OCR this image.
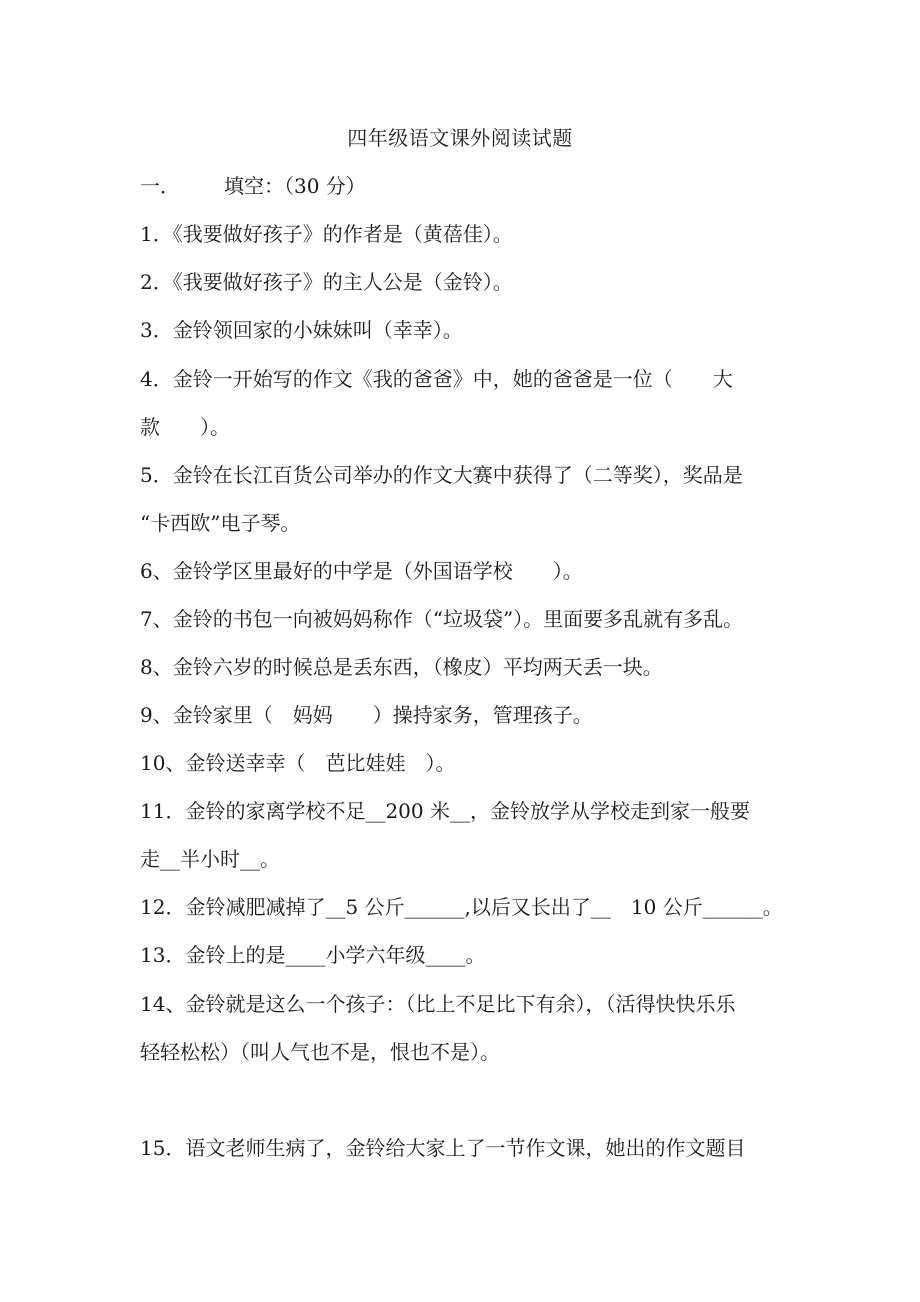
四年级语文课外阅读试题
一． 填空：（30 分）
1．《我要做好孩子》的作者是（黄蓓佳）。
2．《我要做好孩子》的主人公是（金铃）。
3．金铃领回家的小妹妹叫（幸幸）。
4．金铃一开始写的作文《我的爸爸》中，她的爸爸是一位（　　大
款　　）。
5．金铃在长江百货公司举办的作文大赛中获得了（二等奖），奖品是
“卡西欧”电子琴。
6、金铃学区里最好的中学是（外国语学校　　）。
7、金铃的书包一向被妈妈称作（“垃圾袋”）。里面要多乱就有多乱。
8、金铃六岁的时候总是丢东西，（橡皮）平均两天丢一块。
9、金铃家里（　妈妈　　）操持家务，管理孩子。
10、金铃送幸幸（　芭比娃娃　）。
11．金铃的家离学校不足__200 米__，金铃放学从学校走到家一般要
走__半小时__。
12．金铃减肥减掉了__5 公斤______,以后又长出了__　10 公斤______。
13．金铃上的是____小学六年级____。
14、金铃就是这么一个孩子：（比上不足比下有余），（活得快快乐乐
轻轻松松）（叫人气也不是，恨也不是）。
15．语文老师生病了，金铃给大家上了一节作文课，她出的作文题目
